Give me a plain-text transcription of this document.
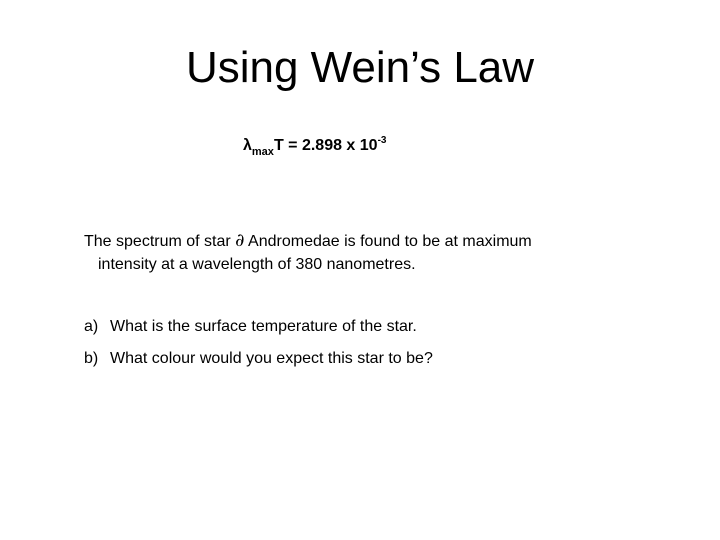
Using Wein’s Law
$\lambda_{max}T = 2.898$ x $10^{-3}$

The spectrum of star ∂ Andromedae is found to be at maximum
intensity at a wavelength of 380 nanometres.

a) What is the surface temperature of the star.
b) What colour would you expect this star to be?
